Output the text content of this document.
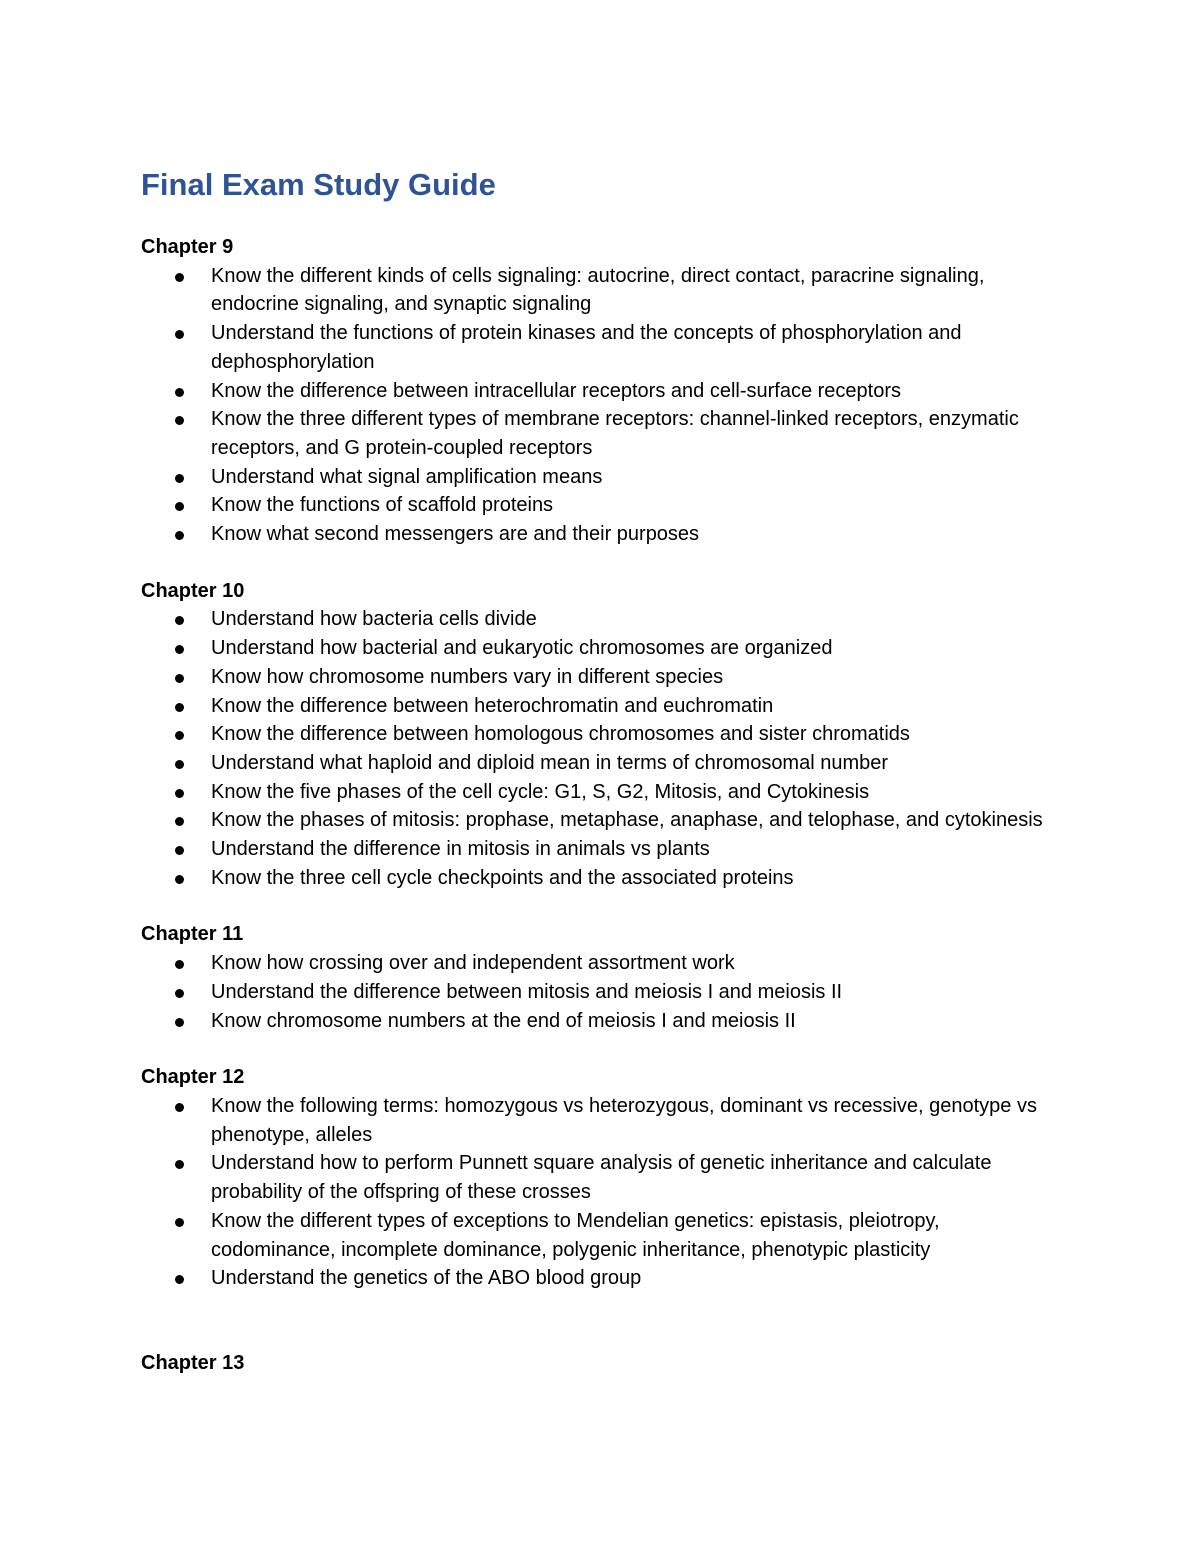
Final Exam Study Guide
Chapter 9
Know the different kinds of cells signaling: autocrine, direct contact, paracrine signaling, endocrine signaling, and synaptic signaling
Understand the functions of protein kinases and the concepts of phosphorylation and dephosphorylation
Know the difference between intracellular receptors and cell-surface receptors
Know the three different types of membrane receptors: channel-linked receptors, enzymatic receptors, and G protein-coupled receptors
Understand what signal amplification means
Know the functions of scaffold proteins
Know what second messengers are and their purposes
Chapter 10
Understand how bacteria cells divide
Understand how bacterial and eukaryotic chromosomes are organized
Know how chromosome numbers vary in different species
Know the difference between heterochromatin and euchromatin
Know the difference between homologous chromosomes and sister chromatids
Understand what haploid and diploid mean in terms of chromosomal number
Know the five phases of the cell cycle: G1, S, G2, Mitosis, and Cytokinesis
Know the phases of mitosis: prophase, metaphase, anaphase, and telophase, and cytokinesis
Understand the difference in mitosis in animals vs plants
Know the three cell cycle checkpoints and the associated proteins
Chapter 11
Know how crossing over and independent assortment work
Understand the difference between mitosis and meiosis I and meiosis II
Know chromosome numbers at the end of meiosis I and meiosis II
Chapter 12
Know the following terms: homozygous vs heterozygous, dominant vs recessive, genotype vs phenotype, alleles
Understand how to perform Punnett square analysis of genetic inheritance and calculate probability of the offspring of these crosses
Know the different types of exceptions to Mendelian genetics: epistasis, pleiotropy, codominance, incomplete dominance, polygenic inheritance, phenotypic plasticity
Understand the genetics of the ABO blood group
Chapter 13
